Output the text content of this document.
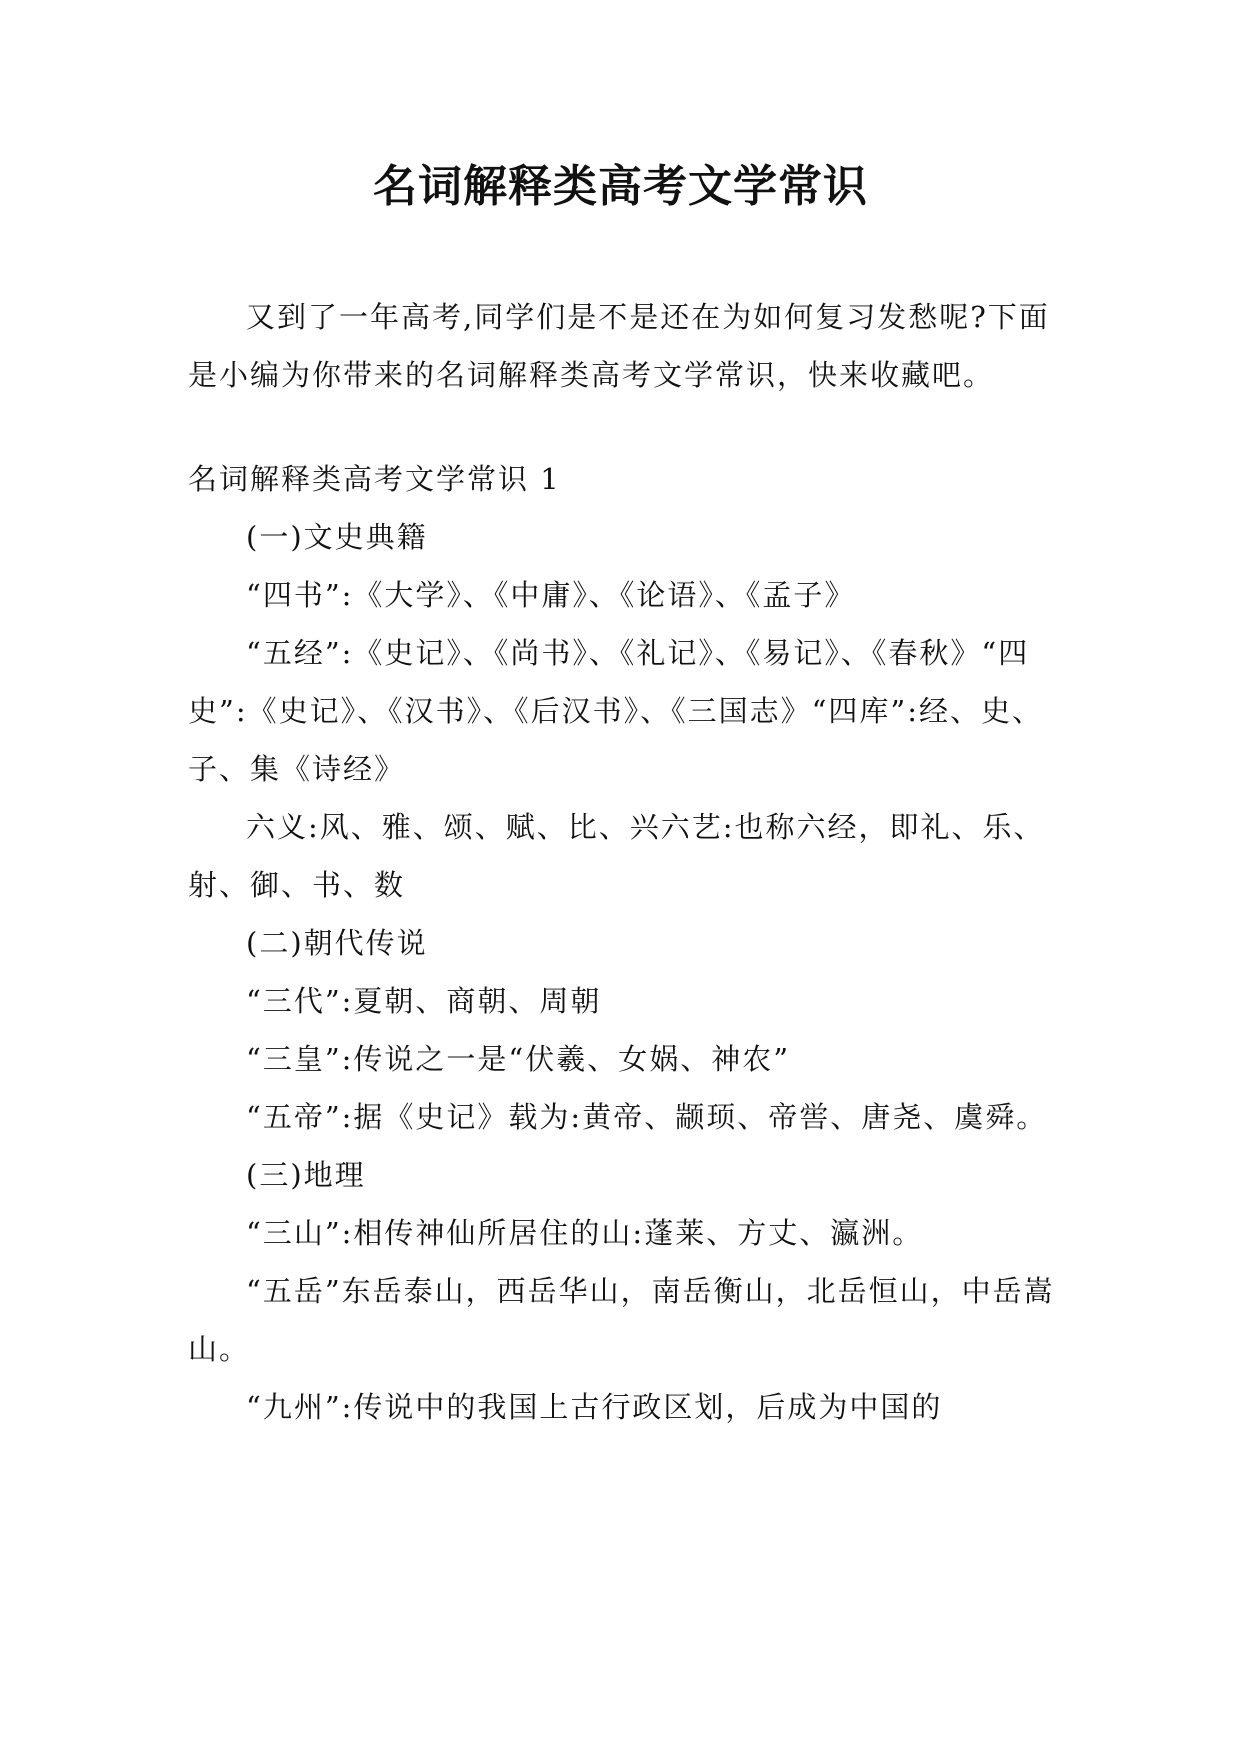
名词解释类高考文学常识

又到了一年高考,同学们是不是还在为如何复习发愁呢?下面是小编为你带来的名词解释类高考文学常识，快来收藏吧。

名词解释类高考文学常识 1

(一)文史典籍

“四书”:《大学》、《中庸》、《论语》、《孟子》

“五经”:《史记》、《尚书》、《礼记》、《易记》、《春秋》“四史”:《史记》、《汉书》、《后汉书》、《三国志》“四库”:经、史、子、集《诗经》

六义:风、雅、颂、赋、比、兴六艺:也称六经，即礼、乐、射、御、书、数

(二)朝代传说

“三代”:夏朝、商朝、周朝

“三皇”:传说之一是“伏羲、女娲、神农”

“五帝”:据《史记》载为:黄帝、颛顼、帝喾、唐尧、虞舜。

(三)地理

“三山”:相传神仙所居住的山:蓬莱、方丈、瀛洲。

“五岳”东岳泰山，西岳华山，南岳衡山，北岳恒山，中岳嵩山。

“九州”:传说中的我国上古行政区划，后成为中国的
